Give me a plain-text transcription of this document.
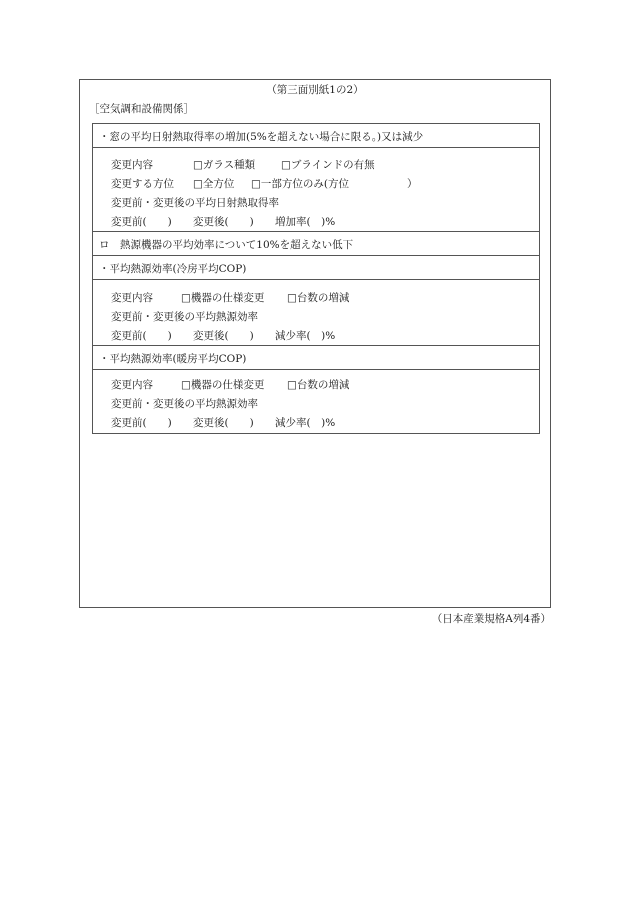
（第三面別紙1の2）
［空気調和設備関係］
・窓の平均日射熱取得率の増加(5%を超えない場合に限る。)又は減少
変更内容	□ガラス種類 □ブラインドの有無
変更する方位 □全方位 □一部方位のみ(方位	）
変更前・変更後の平均日射熱取得率
変更前(　　) 変更後(　　) 増加率(　)%
ロ　熱源機器の平均効率について10%を超えない低下
・平均熱源効率(冷房平均COP)
変更内容	□機器の仕様変更 □台数の増減
変更前・変更後の平均熱源効率
変更前(　　) 変更後(　　) 減少率(　)%
・平均熱源効率(暖房平均COP)
変更内容	□機器の仕様変更 □台数の増減
変更前・変更後の平均熱源効率
変更前(　　) 変更後(　　) 減少率(　)%
（日本産業規格A列4番）
